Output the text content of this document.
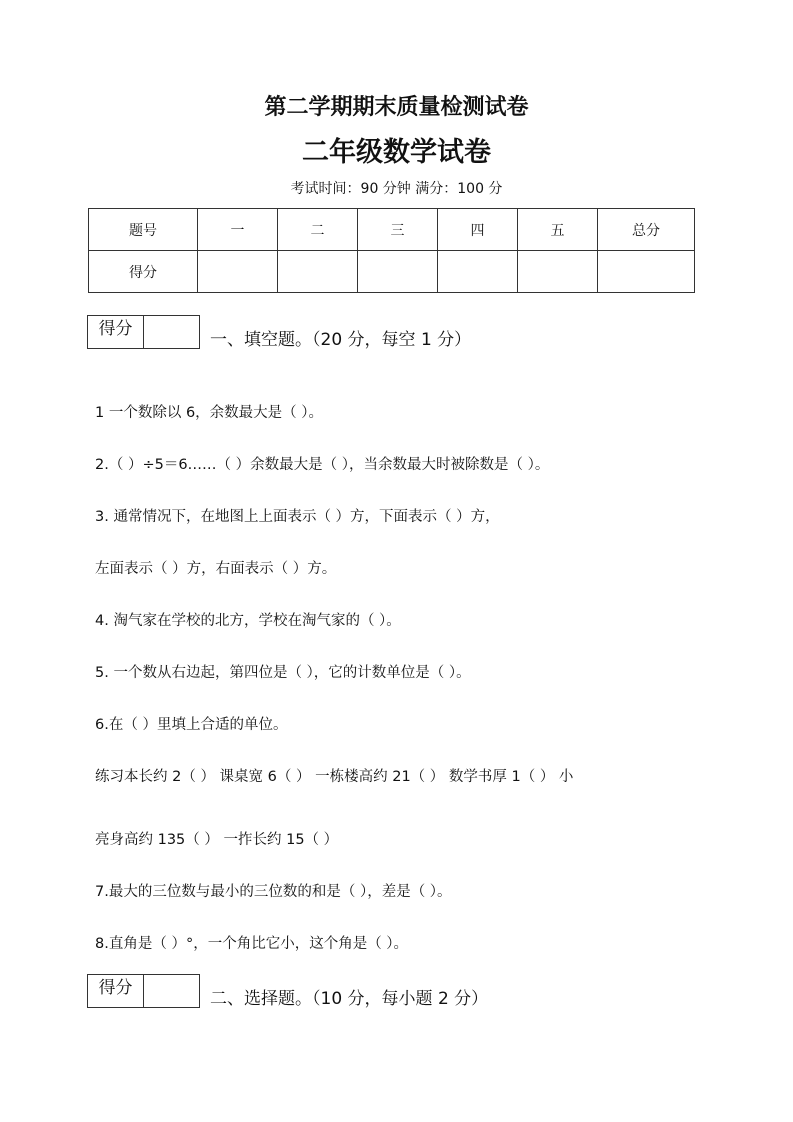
第二学期期末质量检测试卷
二年级数学试卷
考试时间：90 分钟 满分：100 分
题号	一	二	三	四	五	总分
得分						
得分
一、填空题。（20 分，每空 1 分）
1 一个数除以 6，余数最大是（ ）。
2.（ ）÷5＝6……（ ）余数最大是（ ），当余数最大时被除数是（ ）。
3. 通常情况下，在地图上上面表示（ ）方，下面表示（ ）方，
左面表示（ ）方，右面表示（ ）方。
4. 淘气家在学校的北方，学校在淘气家的（ ）。
5. 一个数从右边起，第四位是（ ），它的计数单位是（ ）。
6.在（ ）里填上合适的单位。
练习本长约 2（ ） 课桌宽 6（ ） 一栋楼高约 21（ ） 数学书厚 1（ ） 小
亮身高约 135（ ） 一拃长约 15（ ）
7.最大的三位数与最小的三位数的和是（ ），差是（ ）。
8.直角是（ ）°，一个角比它小，这个角是（ ）。
得分
二、选择题。（10 分，每小题 2 分）
